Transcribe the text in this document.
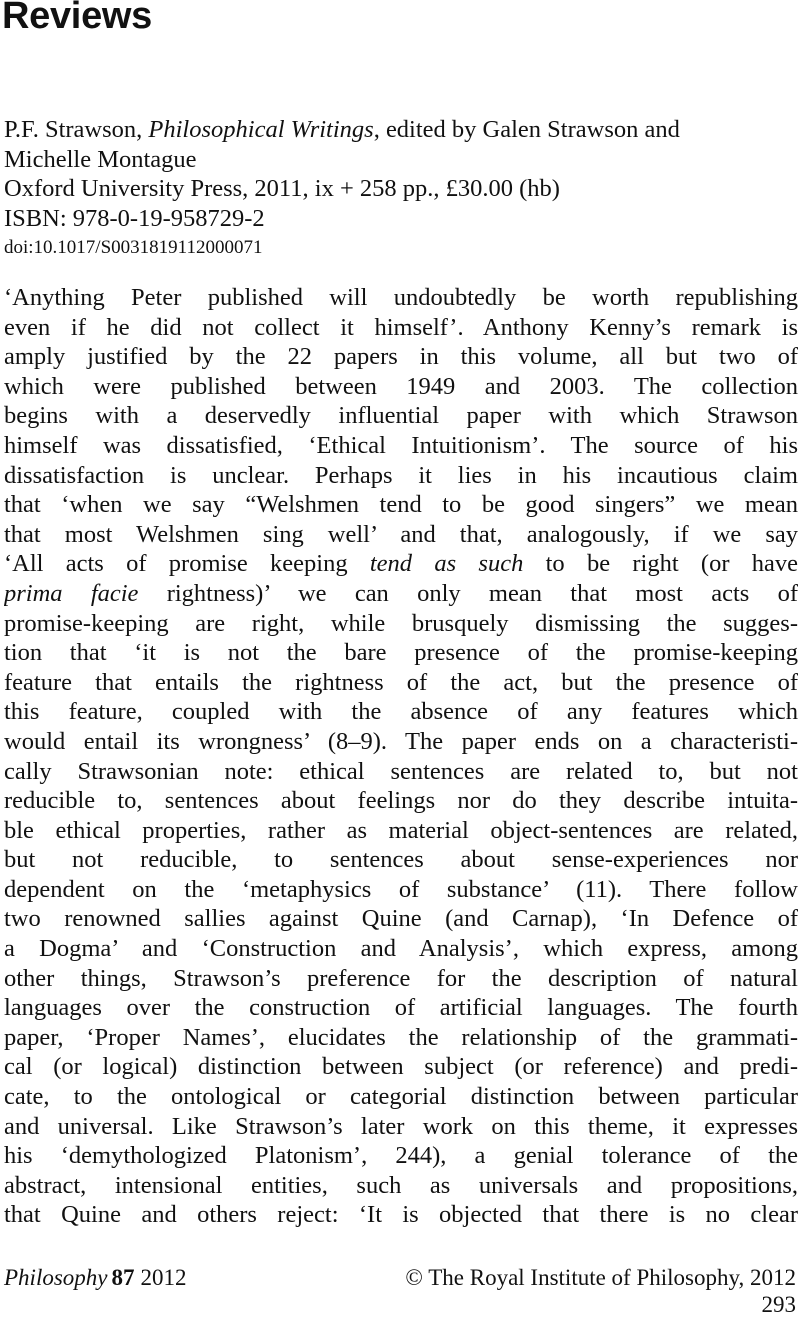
Reviews
P.F. Strawson, Philosophical Writings, edited by Galen Strawson and
Michelle Montague
Oxford University Press, 2011, ix + 258 pp., £30.00 (hb)
ISBN: 978-0-19-958729-2
doi:10.1017/S0031819112000071
‘Anything Peter published will undoubtedly be worth republishing
even if he did not collect it himself’. Anthony Kenny’s remark is
amply justified by the 22 papers in this volume, all but two of
which were published between 1949 and 2003. The collection
begins with a deservedly influential paper with which Strawson
himself was dissatisfied, ‘Ethical Intuitionism’. The source of his
dissatisfaction is unclear. Perhaps it lies in his incautious claim
that ‘when we say “Welshmen tend to be good singers” we mean
that most Welshmen sing well’ and that, analogously, if we say
‘All acts of promise keeping tend as such to be right (or have
prima facie rightness)’ we can only mean that most acts of
promise-keeping are right, while brusquely dismissing the sugges-
tion that ‘it is not the bare presence of the promise-keeping
feature that entails the rightness of the act, but the presence of
this feature, coupled with the absence of any features which
would entail its wrongness’ (8–9). The paper ends on a characteristi-
cally Strawsonian note: ethical sentences are related to, but not
reducible to, sentences about feelings nor do they describe intuita-
ble ethical properties, rather as material object-sentences are related,
but not reducible, to sentences about sense-experiences nor
dependent on the ‘metaphysics of substance’ (11). There follow
two renowned sallies against Quine (and Carnap), ‘In Defence of
a Dogma’ and ‘Construction and Analysis’, which express, among
other things, Strawson’s preference for the description of natural
languages over the construction of artificial languages. The fourth
paper, ‘Proper Names’, elucidates the relationship of the grammati-
cal (or logical) distinction between subject (or reference) and predi-
cate, to the ontological or categorial distinction between particular
and universal. Like Strawson’s later work on this theme, it expresses
his ‘demythologized Platonism’, 244), a genial tolerance of the
abstract, intensional entities, such as universals and propositions,
that Quine and others reject: ‘It is objected that there is no clear
Philosophy 87 2012	© The Royal Institute of Philosophy, 2012
293
